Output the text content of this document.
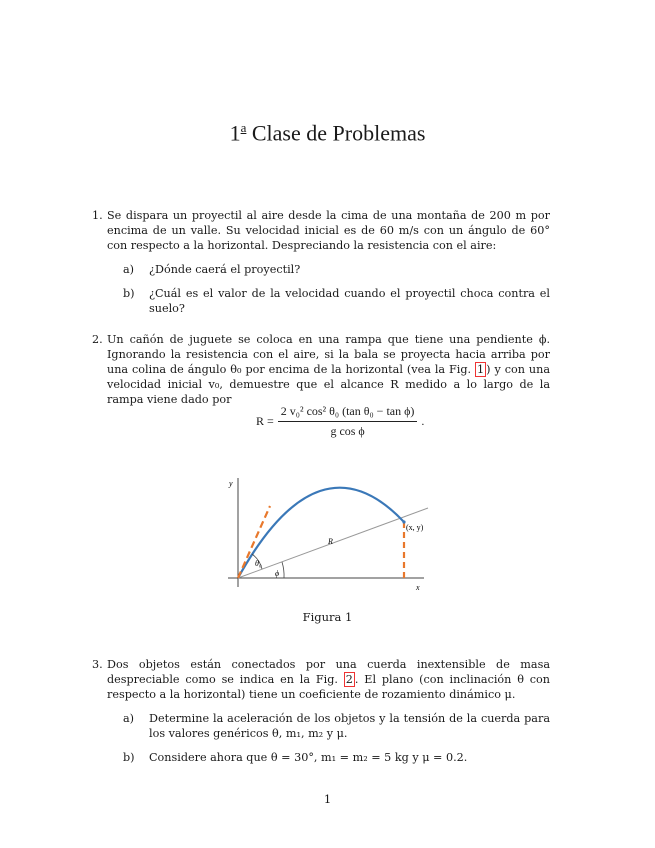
1$^a$ Clase de Problemas
1. Se dispara un proyectil al aire desde la cima de una montaña de 200 m por encima de un valle. Su velocidad inicial es de 60 m/s con un ángulo de 60° con respecto a la horizontal. Despreciando la resistencia con el aire:
a) ¿Dónde caerá el proyectil?
b) ¿Cuál es el valor de la velocidad cuando el proyectil choca contra el suelo?
2. Un cañón de juguete se coloca en una rampa que tiene una pendiente ϕ. Ignorando la resistencia con el aire, si la bala se proyecta hacia arriba por una colina de ángulo θ₀ por encima de la horizontal (vea la Fig. 1 ) y con una velocidad inicial v₀, demuestre que el alcance R medido a lo largo de la rampa viene dado por
$R = \frac{\text{2 v₀² cos² θ₀ (tan θ₀ − tan ϕ)}}{\text{g cos ϕ}}$ .
y
x
(x, y)
R
θ₀
ϕ
Figura 1
3. Dos objetos están conectados por una cuerda inextensible de masa despreciable como se indica en la Fig. 2 . El plano (con inclinación θ con respecto a la horizontal) tiene un coeficiente de rozamiento dinámico μ.
a) Determine la aceleración de los objetos y la tensión de la cuerda para los valores genéricos θ, m₁, m₂ y μ.
b) Considere ahora que θ = 30°, m₁ = m₂ = 5 kg y μ = 0.2.
1
